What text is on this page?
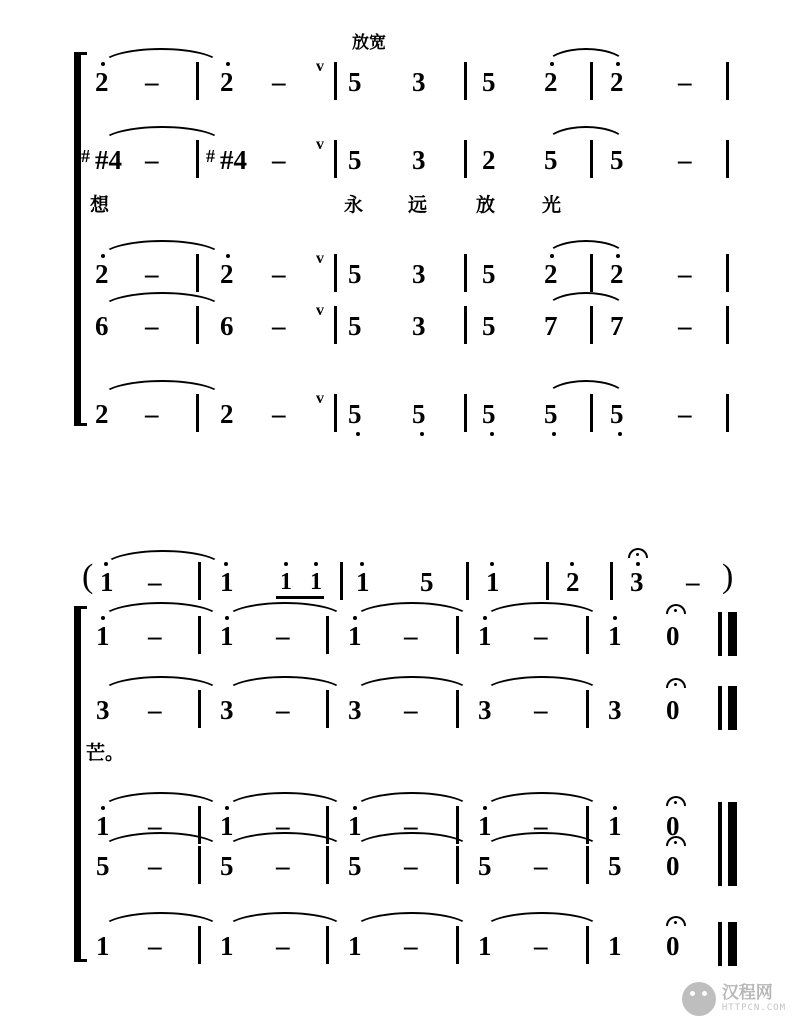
放宽
2 – 2 –
v
5 3 5 2 2 –
# #4 –	# #4 –
v
5 3 2 5 5 –
想	永 远	放 光
2 – 2 –
v
5 3 5 2 2 –
6 – 6 –
v
5 3 5 7 7 –
2 – 2 –
v
5 5 5 5 5 –
( 1 – 1 1 1 1 5 1 2 3 – )
1 – 1 – 1 – 1 – 1 0
3 – 3 – 3 – 3 – 3 0
芒。
1 – 1 – 1 – 1 – 1 0
5 – 5 – 5 – 5 – 5 0
1 – 1 – 1 – 1 – 1 0
汉程网
HTTPCN.COM
